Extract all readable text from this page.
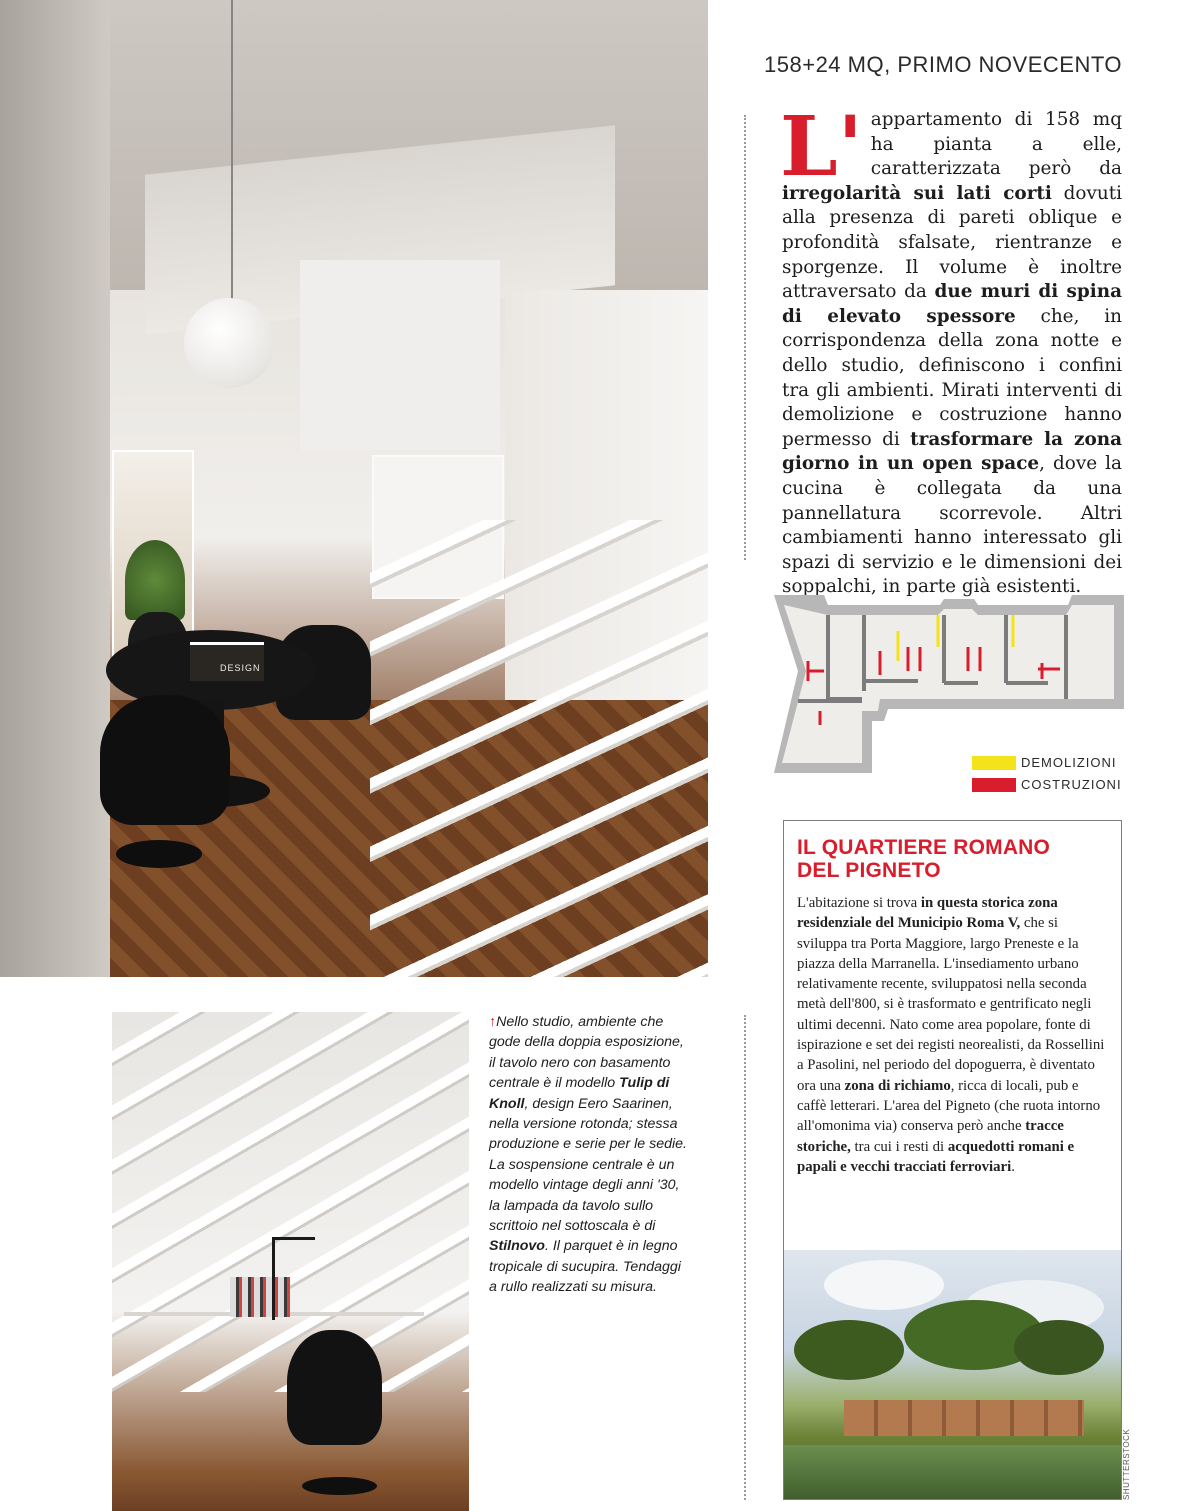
DESIGN
158+24 MQ, PRIMO NOVECENTO
L' appartamento di 158 mq ha pianta a elle, caratterizzata però da irregolarità sui lati corti dovuti alla presenza di pareti oblique e profondità sfalsate, rientranze e sporgenze. Il volume è inoltre attraversato da due muri di spina di elevato spessore che, in corrispondenza della zona notte e dello studio, definiscono i confini tra gli ambienti. Mirati interventi di demolizione e costruzione hanno permesso di trasformare la zona giorno in un open space, dove la cucina è collegata da una pannellatura scorrevole. Altri cambiamenti hanno interessato gli spazi di servizio e le dimensioni dei soppalchi, in parte già esistenti.
DEMOLIZIONI
COSTRUZIONI
IL QUARTIERE ROMANO
DEL PIGNETO
L'abitazione si trova in questa storica zona residenziale del Municipio Roma V, che si sviluppa tra Porta Maggiore, largo Preneste e la piazza della Marranella. L'insediamento urbano relativamente recente, sviluppatosi nella seconda metà dell'800, si è trasformato e gentrificato negli ultimi decenni. Nato come area popolare, fonte di ispirazione e set dei registi neorealisti, da Rossellini a Pasolini, nel periodo del dopoguerra, è diventato ora una zona di richiamo, ricca di locali, pub e caffè letterari. L'area del Pigneto (che ruota intorno all'omonima via) conserva però anche tracce storiche, tra cui i resti di acquedotti romani e papali e vecchi tracciati ferroviari.
SHUTTERSTOCK
↑Nello studio, ambiente che gode della doppia esposizione, il tavolo nero con basamento centrale è il modello Tulip di Knoll, design Eero Saarinen, nella versione rotonda; stessa produzione e serie per le sedie. La sospensione centrale è un modello vintage degli anni '30, la lampada da tavolo sullo scrittoio nel sottoscala è di Stilnovo. Il parquet è in legno tropicale di sucupira. Tendaggi a rullo realizzati su misura.
